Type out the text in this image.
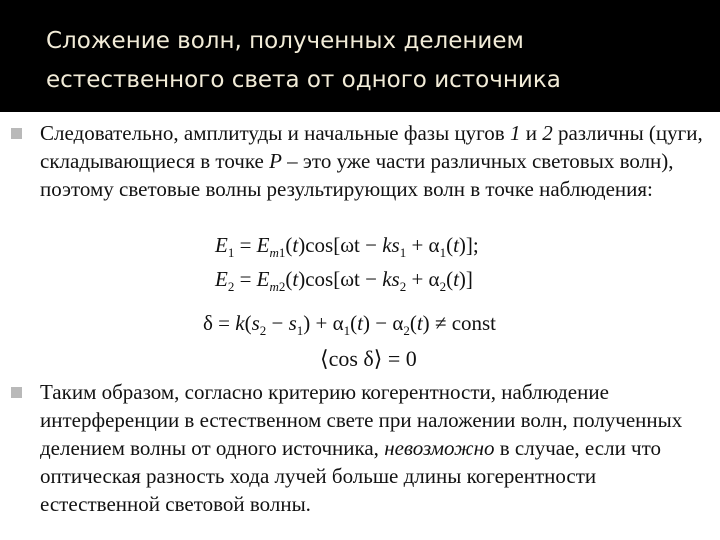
Сложение волн, полученных делением естественного света от одного источника

Следовательно, амплитуды и начальные фазы цугов 1 и 2 различны (цуги, складывающиеся в точке P – это уже части различных световых волн), поэтому световые волны результирующих волн в точке наблюдения:

$E_1 = E_m1(t)\cos[\omega t - ks_1 + \alpha_1(t)]$;
$E_2 = E_m2(t)\cos[\omega t - ks_2 + \alpha_2(t)]$
$\delta = k(s_2 - s_1) + \alpha_1(t) - \alpha_2(t)$ ≠ const
⟨cos δ⟩ = 0

Таким образом, согласно критерию когерентности, наблюдение интерференции в естественном свете при наложении волн, полученных делением волны от одного источника, невозможно в случае, если что оптическая разность хода лучей больше длины когерентности естественной световой волны.
